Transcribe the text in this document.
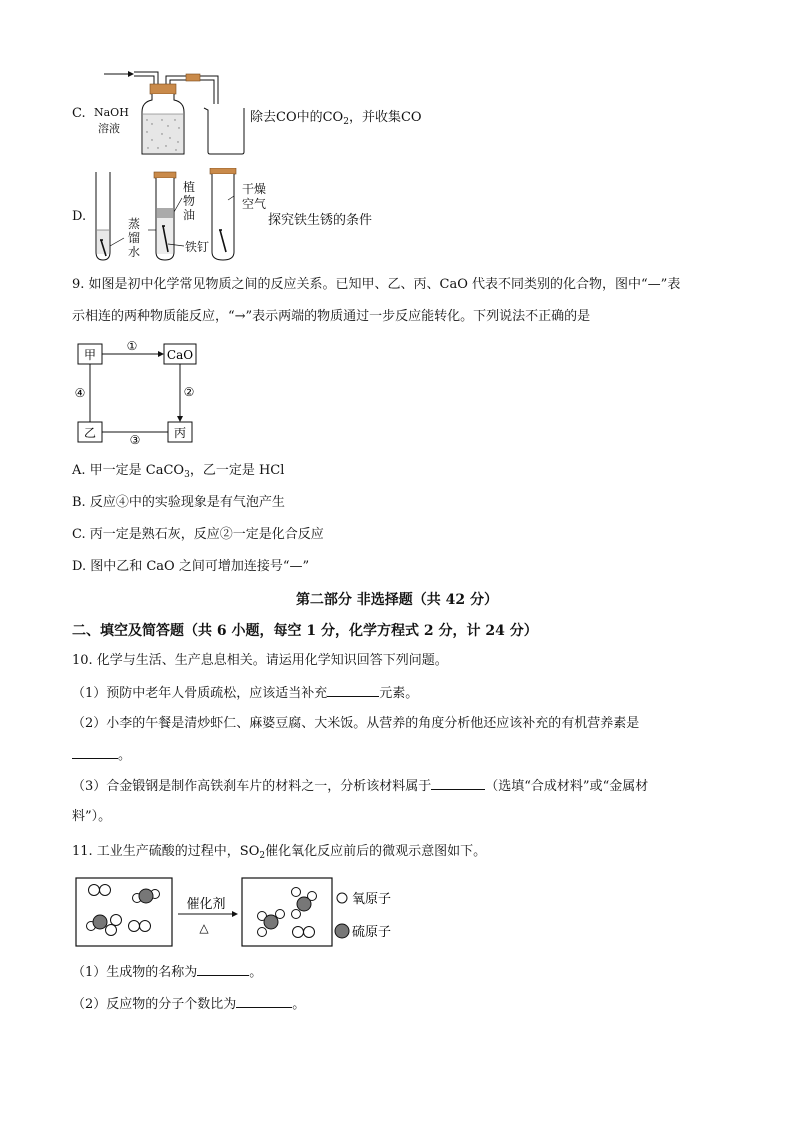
C. NaOH
溶液
除去CO中的$CO_2$，并收集CO
D.
植
物
油
蒸
馏
水	铁钉
干燥
空气
探究铁生锈的条件
9. 如图是初中化学常见物质之间的反应关系。已知甲、乙、丙、CaO 代表不同类别的化合物，图中“—”表
示相连的两种物质能反应，“→”表示两端的物质通过一步反应能转化。下列说法不正确的是
甲	CaO
乙	丙
①
②
③
④
A. 甲一定是 CaCO$_3$，乙一定是 HCl
B. 反应④中的实验现象是有气泡产生
C. 丙一定是熟石灰，反应②一定是化合反应
D. 图中乙和 CaO 之间可增加连接号“—”
第二部分 非选择题（共 42 分）
二、填空及简答题（共 6 小题，每空 1 分，化学方程式 2 分，计 24 分）
10. 化学与生活、生产息息相关。请运用化学知识回答下列问题。
（1）预防中老年人骨质疏松，应该适当补充	元素。
（2）小李的午餐是清炒虾仁、麻婆豆腐、大米饭。从营养的角度分析他还应该补充的有机营养素是
。
（3）合金锻钢是制作高铁刹车片的材料之一，分析该材料属于	（选填“合成材料”或“金属材
料”）。
11. 工业生产硫酸的过程中，$SO_2$催化氧化反应前后的微观示意图如下。
催化剂
△
氧原子
硫原子
（1）生成物的名称为	。
（2）反应物的分子个数比为	。
